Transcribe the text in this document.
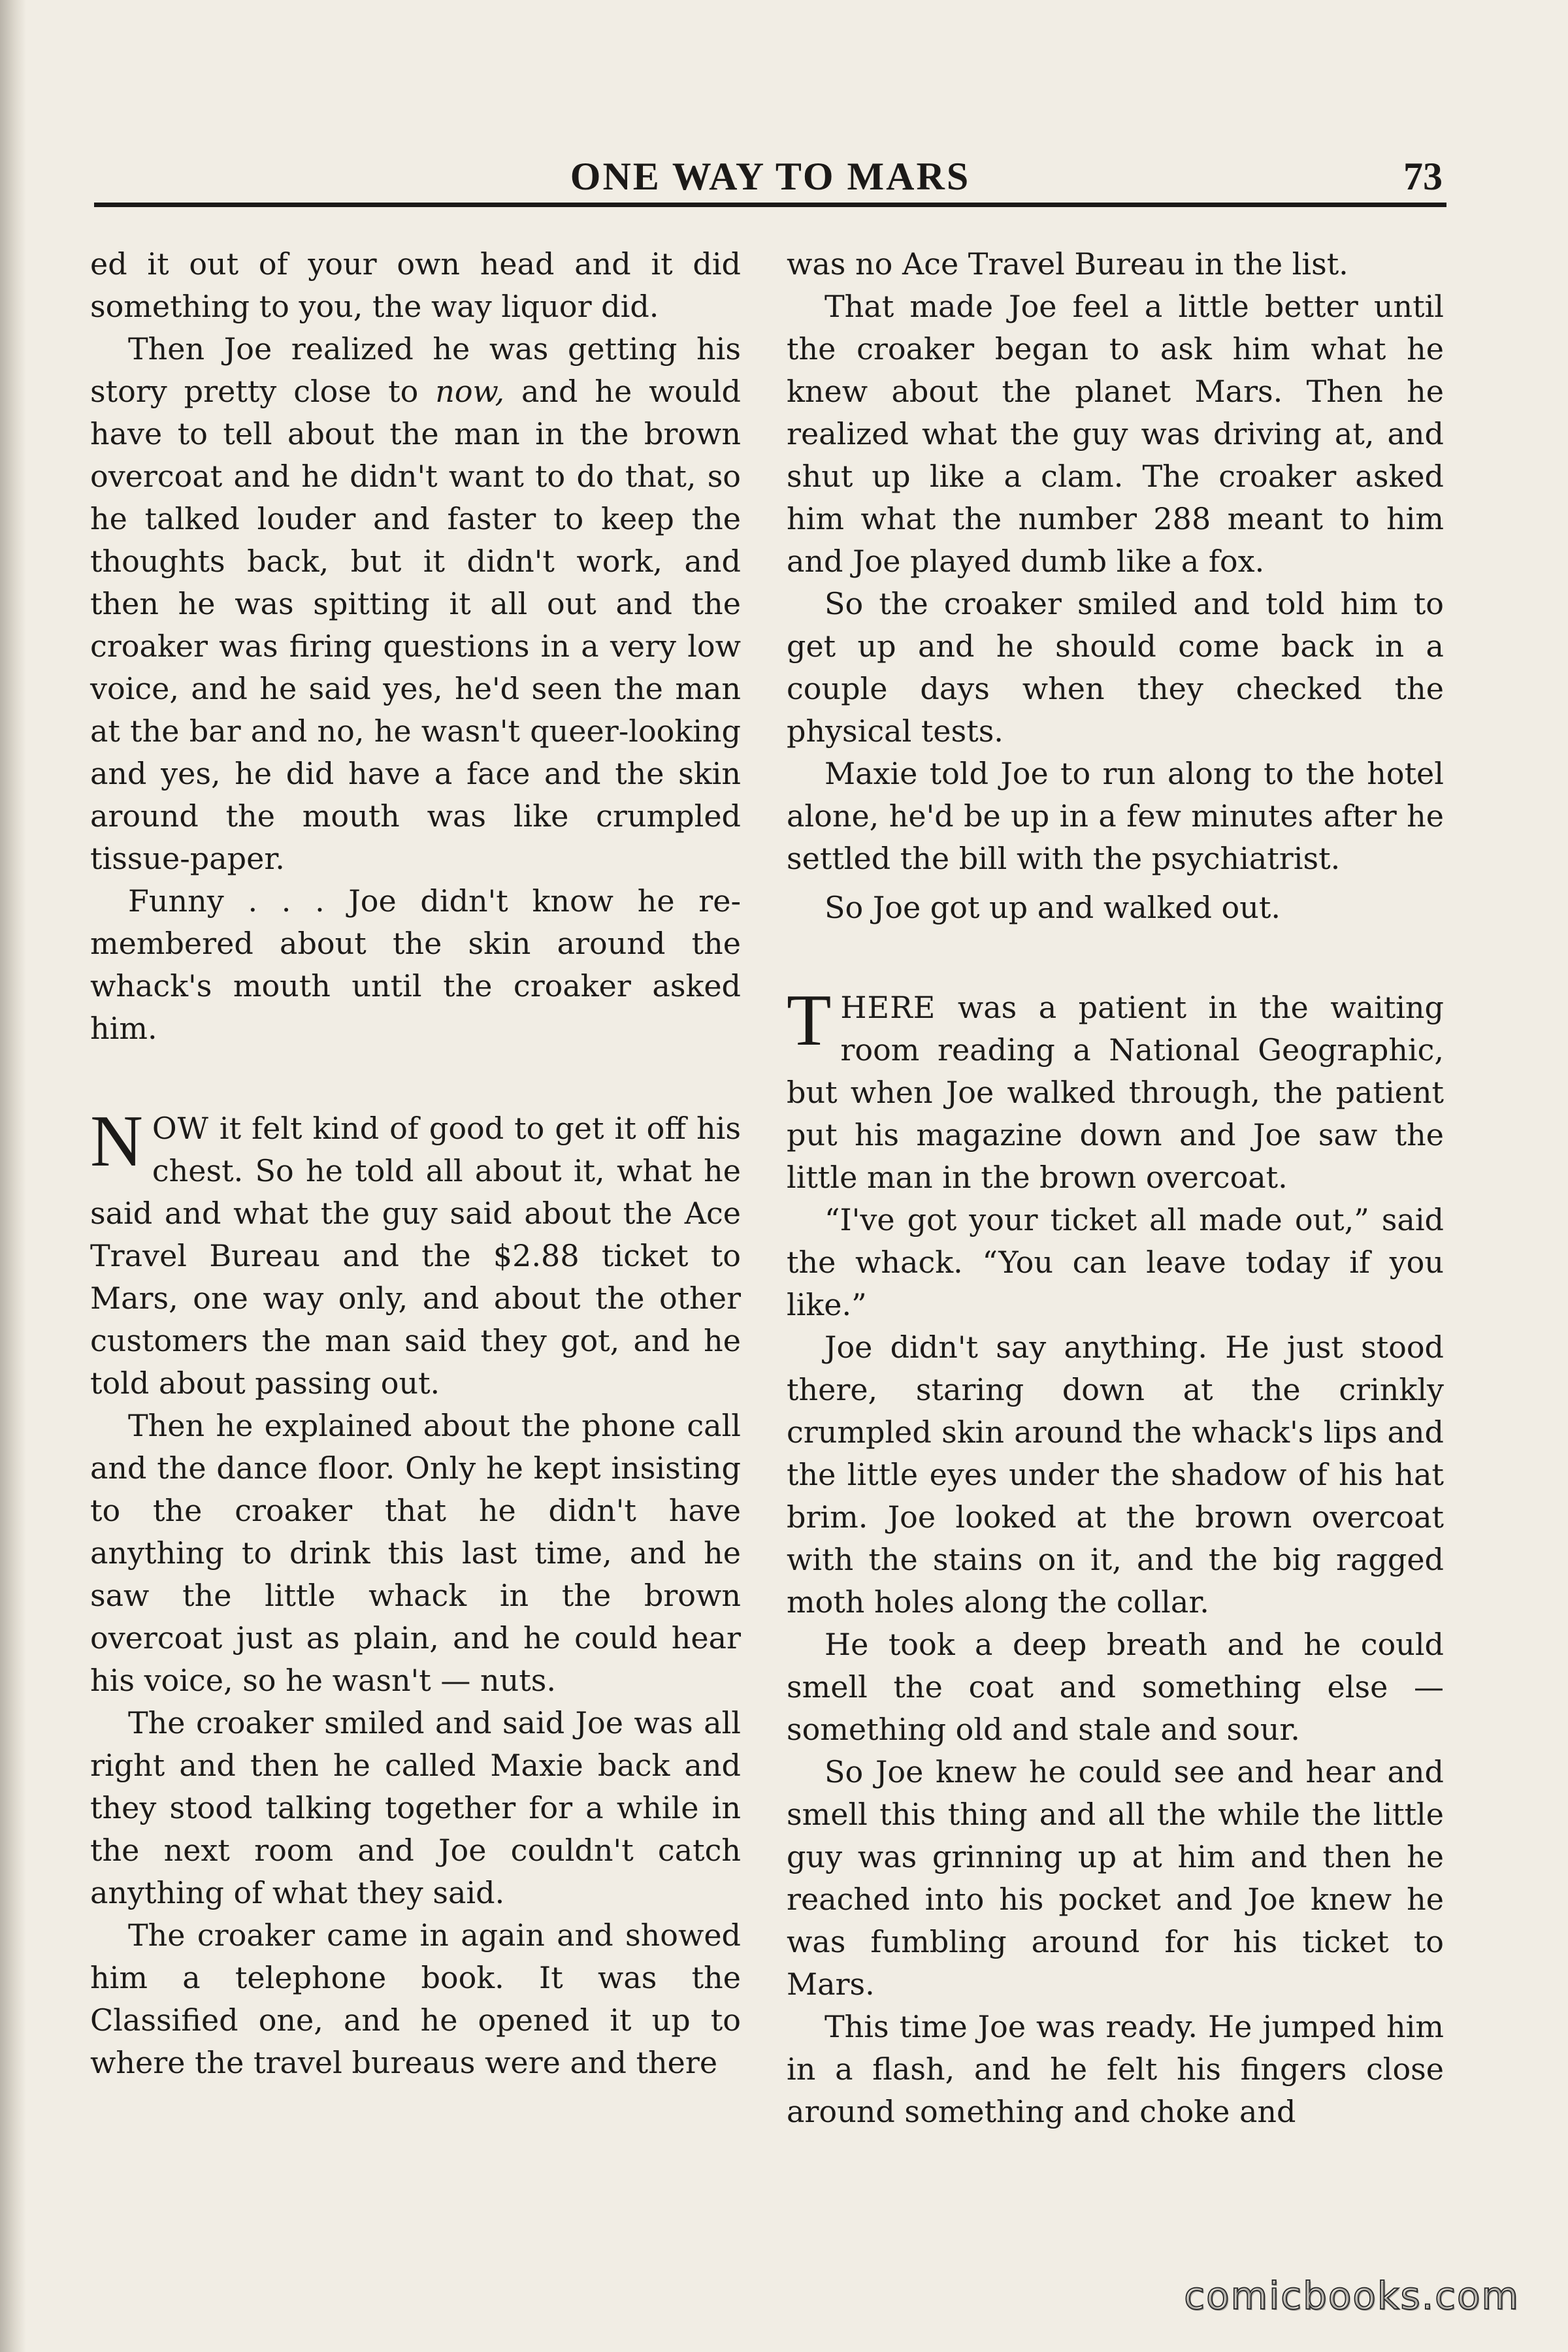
ONE WAY TO MARS	73

ed it out of your own head and it did something to you, the way liquor did.

Then Joe realized he was getting his story pretty close to now, and he would have to tell about the man in the brown overcoat and he didn't want to do that, so he talked louder and faster to keep the thoughts back, but it didn't work, and then he was spitting it all out and the croaker was firing questions in a very low voice, and he said yes, he'd seen the man at the bar and no, he wasn't queer-looking and yes, he did have a face and the skin around the mouth was like crumpled tissue-paper.

Funny . . . Joe didn't know he remembered about the skin around the whack's mouth until the croaker asked him.

NOW it felt kind of good to get it off his chest. So he told all about it, what he said and what the guy said about the Ace Travel Bureau and the $2.88 ticket to Mars, one way only, and about the other customers the man said they got, and he told about passing out.

Then he explained about the phone call and the dance floor. Only he kept insisting to the croaker that he didn't have anything to drink this last time, and he saw the little whack in the brown overcoat just as plain, and he could hear his voice, so he wasn't — nuts.

The croaker smiled and said Joe was all right and then he called Maxie back and they stood talking together for a while in the next room and Joe couldn't catch anything of what they said.

The croaker came in again and showed him a telephone book. It was the Classified one, and he opened it up to where the travel bureaus were and there

was no Ace Travel Bureau in the list.

That made Joe feel a little better until the croaker began to ask him what he knew about the planet Mars. Then he realized what the guy was driving at, and shut up like a clam. The croaker asked him what the number 288 meant to him and Joe played dumb like a fox.

So the croaker smiled and told him to get up and he should come back in a couple days when they checked the physical tests.

Maxie told Joe to run along to the hotel alone, he'd be up in a few minutes after he settled the bill with the psychiatrist.

So Joe got up and walked out.

THERE was a patient in the waiting room reading a National Geographic, but when Joe walked through, the patient put his magazine down and Joe saw the little man in the brown overcoat.

“I've got your ticket all made out,” said the whack. “You can leave today if you like.”

Joe didn't say anything. He just stood there, staring down at the crinkly crumpled skin around the whack's lips and the little eyes under the shadow of his hat brim. Joe looked at the brown overcoat with the stains on it, and the big ragged moth holes along the collar.

He took a deep breath and he could smell the coat and something else — something old and stale and sour.

So Joe knew he could see and hear and smell this thing and all the while the little guy was grinning up at him and then he reached into his pocket and Joe knew he was fumbling around for his ticket to Mars.

This time Joe was ready. He jumped him in a flash, and he felt his fingers close around something and choke and

comicbooks.com
